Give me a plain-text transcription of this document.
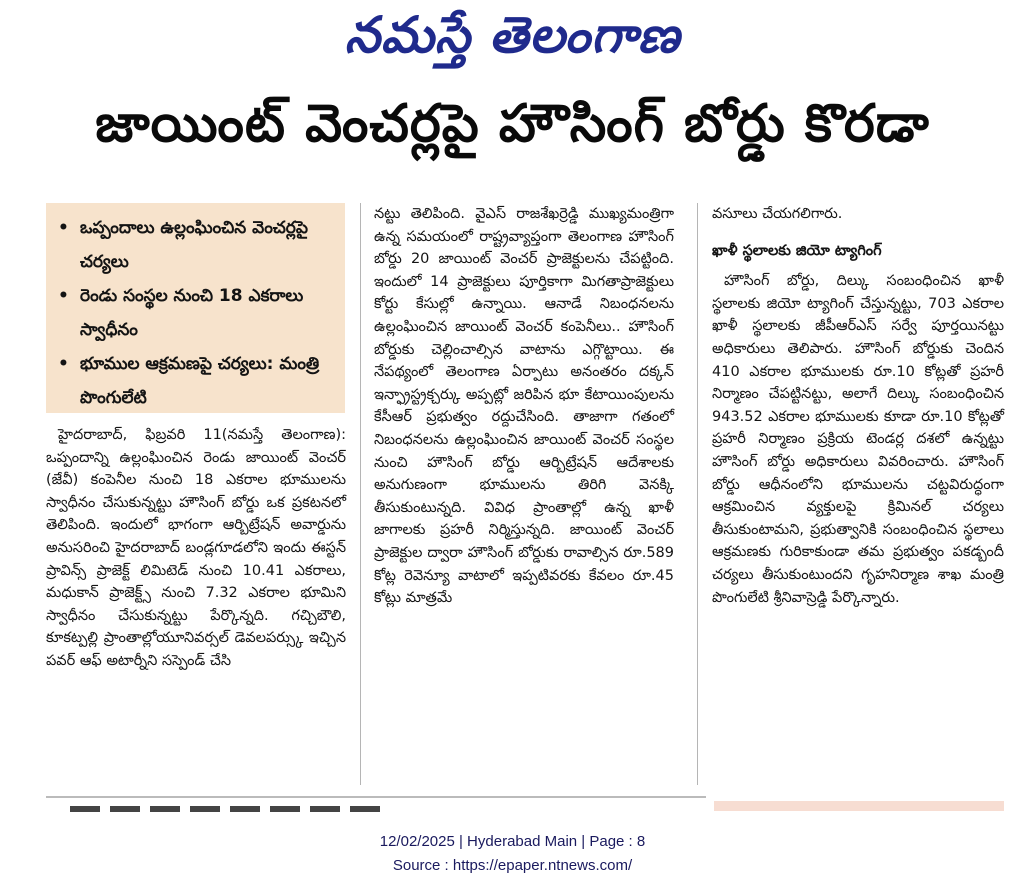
నమస్తే తెలంగాణ
జాయింట్ వెంచర్లపై హౌసింగ్ బోర్డు కొరడా
• ఒప్పందాలు ఉల్లంఘించిన వెంచర్లపై చర్యలు
• రెండు సంస్థల నుంచి 18 ఎకరాలు స్వాధీనం
• భూముల ఆక్రమణపై చర్యలు: మంత్రి పొంగులేటి
హైదరాబాద్, ఫిబ్రవరి 11(నమస్తే తెలంగాణ): ఒప్పందాన్ని ఉల్లంఘించిన రెండు జాయింట్ వెంచర్ (జేవీ) కంపెనీల నుంచి 18 ఎకరాల భూములను స్వాధీనం చేసుకున్నట్టు హౌసింగ్ బోర్డు ఒక ప్రకటనలో తెలిపింది. ఇందులో భాగంగా ఆర్బిట్రేషన్ అవార్డును అనుసరించి హైదరాబాద్ బండ్లగూడలోని ఇందు ఈస్టన్ ప్రావిన్స్ ప్రాజెక్ట్ లిమిటెడ్ నుంచి 10.41 ఎకరాలు, మధుకాన్ ప్రాజెక్ట్స్ నుంచి 7.32 ఎకరాల భూమిని స్వాధీనం చేసుకున్నట్టు పేర్కొన్నది. గచ్చిబౌలి, కూకట్పల్లి ప్రాంతాల్లోయూనివర్సల్ డెవలపర్స్కు ఇచ్చిన పవర్ ఆఫ్ అటార్నీని సస్పెండ్ చేసి
నట్టు తెలిపింది. వైఎస్ రాజశేఖర్రెడ్డి ముఖ్యమంత్రిగా ఉన్న సమయంలో రాష్ట్రవ్యాప్తంగా తెలంగాణ హౌసింగ్ బోర్డు 20 జాయింట్ వెంచర్ ప్రాజెక్టులను చేపట్టింది. ఇందులో 14 ప్రాజెక్టులు పూర్తికాగా మిగతాప్రాజెక్టులు కోర్టు కేసుల్లో ఉన్నాయి. ఆనాడే నిబంధనలను ఉల్లంఘించిన జాయింట్ వెంచర్ కంపెనీలు.. హౌసింగ్ బోర్డుకు చెల్లించాల్సిన వాటాను ఎగ్గొట్టాయి. ఈ నేపథ్యంలో తెలంగాణ ఏర్పాటు అనంతరం దక్కన్ ఇన్ఫ్రాస్ట్రక్చర్కు అప్పట్లో జరిపిన భూ కేటాయింపులను కేసీఆర్ ప్రభుత్వం రద్దుచేసింది. తాజాగా గతంలో నిబంధనలను ఉల్లంఘించిన జాయింట్ వెంచర్ సంస్థల నుంచి హౌసింగ్ బోర్డు ఆర్బిట్రేషన్ ఆదేశాలకు అనుగుణంగా భూములను తిరిగి వెనక్కి తీసుకుంటున్నది. వివిధ ప్రాంతాల్లో ఉన్న ఖాళీ జాగాలకు ప్రహరీ నిర్మిస్తున్నది. జాయింట్ వెంచర్ ప్రాజెక్టుల ద్వారా హౌసింగ్ బోర్డుకు రావాల్సిన రూ.589 కోట్ల రెవెన్యూ వాటాలో ఇప్పటివరకు కేవలం రూ.45 కోట్లు మాత్రమే

వసూలు చేయగలిగారు.

ఖాళీ స్థలాలకు జియో ట్యాగింగ్

హౌసింగ్ బోర్డు, దిల్కు సంబంధించిన ఖాళీ స్థలాలకు జియో ట్యాగింగ్ చేస్తున్నట్టు, 703 ఎకరాల ఖాళీ స్థలాలకు జీపీఆర్ఎస్ సర్వే పూర్తయినట్టు అధికారులు తెలిపారు. హౌసింగ్ బోర్డుకు చెందిన 410 ఎకరాల భూములకు రూ.10 కోట్లతో ప్రహరీ నిర్మాణం చేపట్టినట్టు, అలాగే దిల్కు సంబంధించిన 943.52 ఎకరాల భూములకు కూడా రూ.10 కోట్లతో ప్రహరీ నిర్మాణం ప్రక్రియ టెండర్ల దశలో ఉన్నట్టు హౌసింగ్ బోర్డు అధికారులు వివరించారు. హౌసింగ్ బోర్డు ఆధీనంలోని భూములను చట్టవిరుద్ధంగా ఆక్రమించిన వ్యక్తులపై క్రిమినల్ చర్యలు తీసుకుంటామని, ప్రభుత్వానికి సంబంధించిన స్థలాలు ఆక్రమణకు గురికాకుండా తమ ప్రభుత్వం పకడ్బందీ చర్యలు తీసుకుంటుందని గృహనిర్మాణ శాఖ మంత్రి పొంగులేటి శ్రీనివాస్రెడ్డి పేర్కొన్నారు.

12/02/2025 | Hyderabad Main | Page : 8
Source : https://epaper.ntnews.com/
